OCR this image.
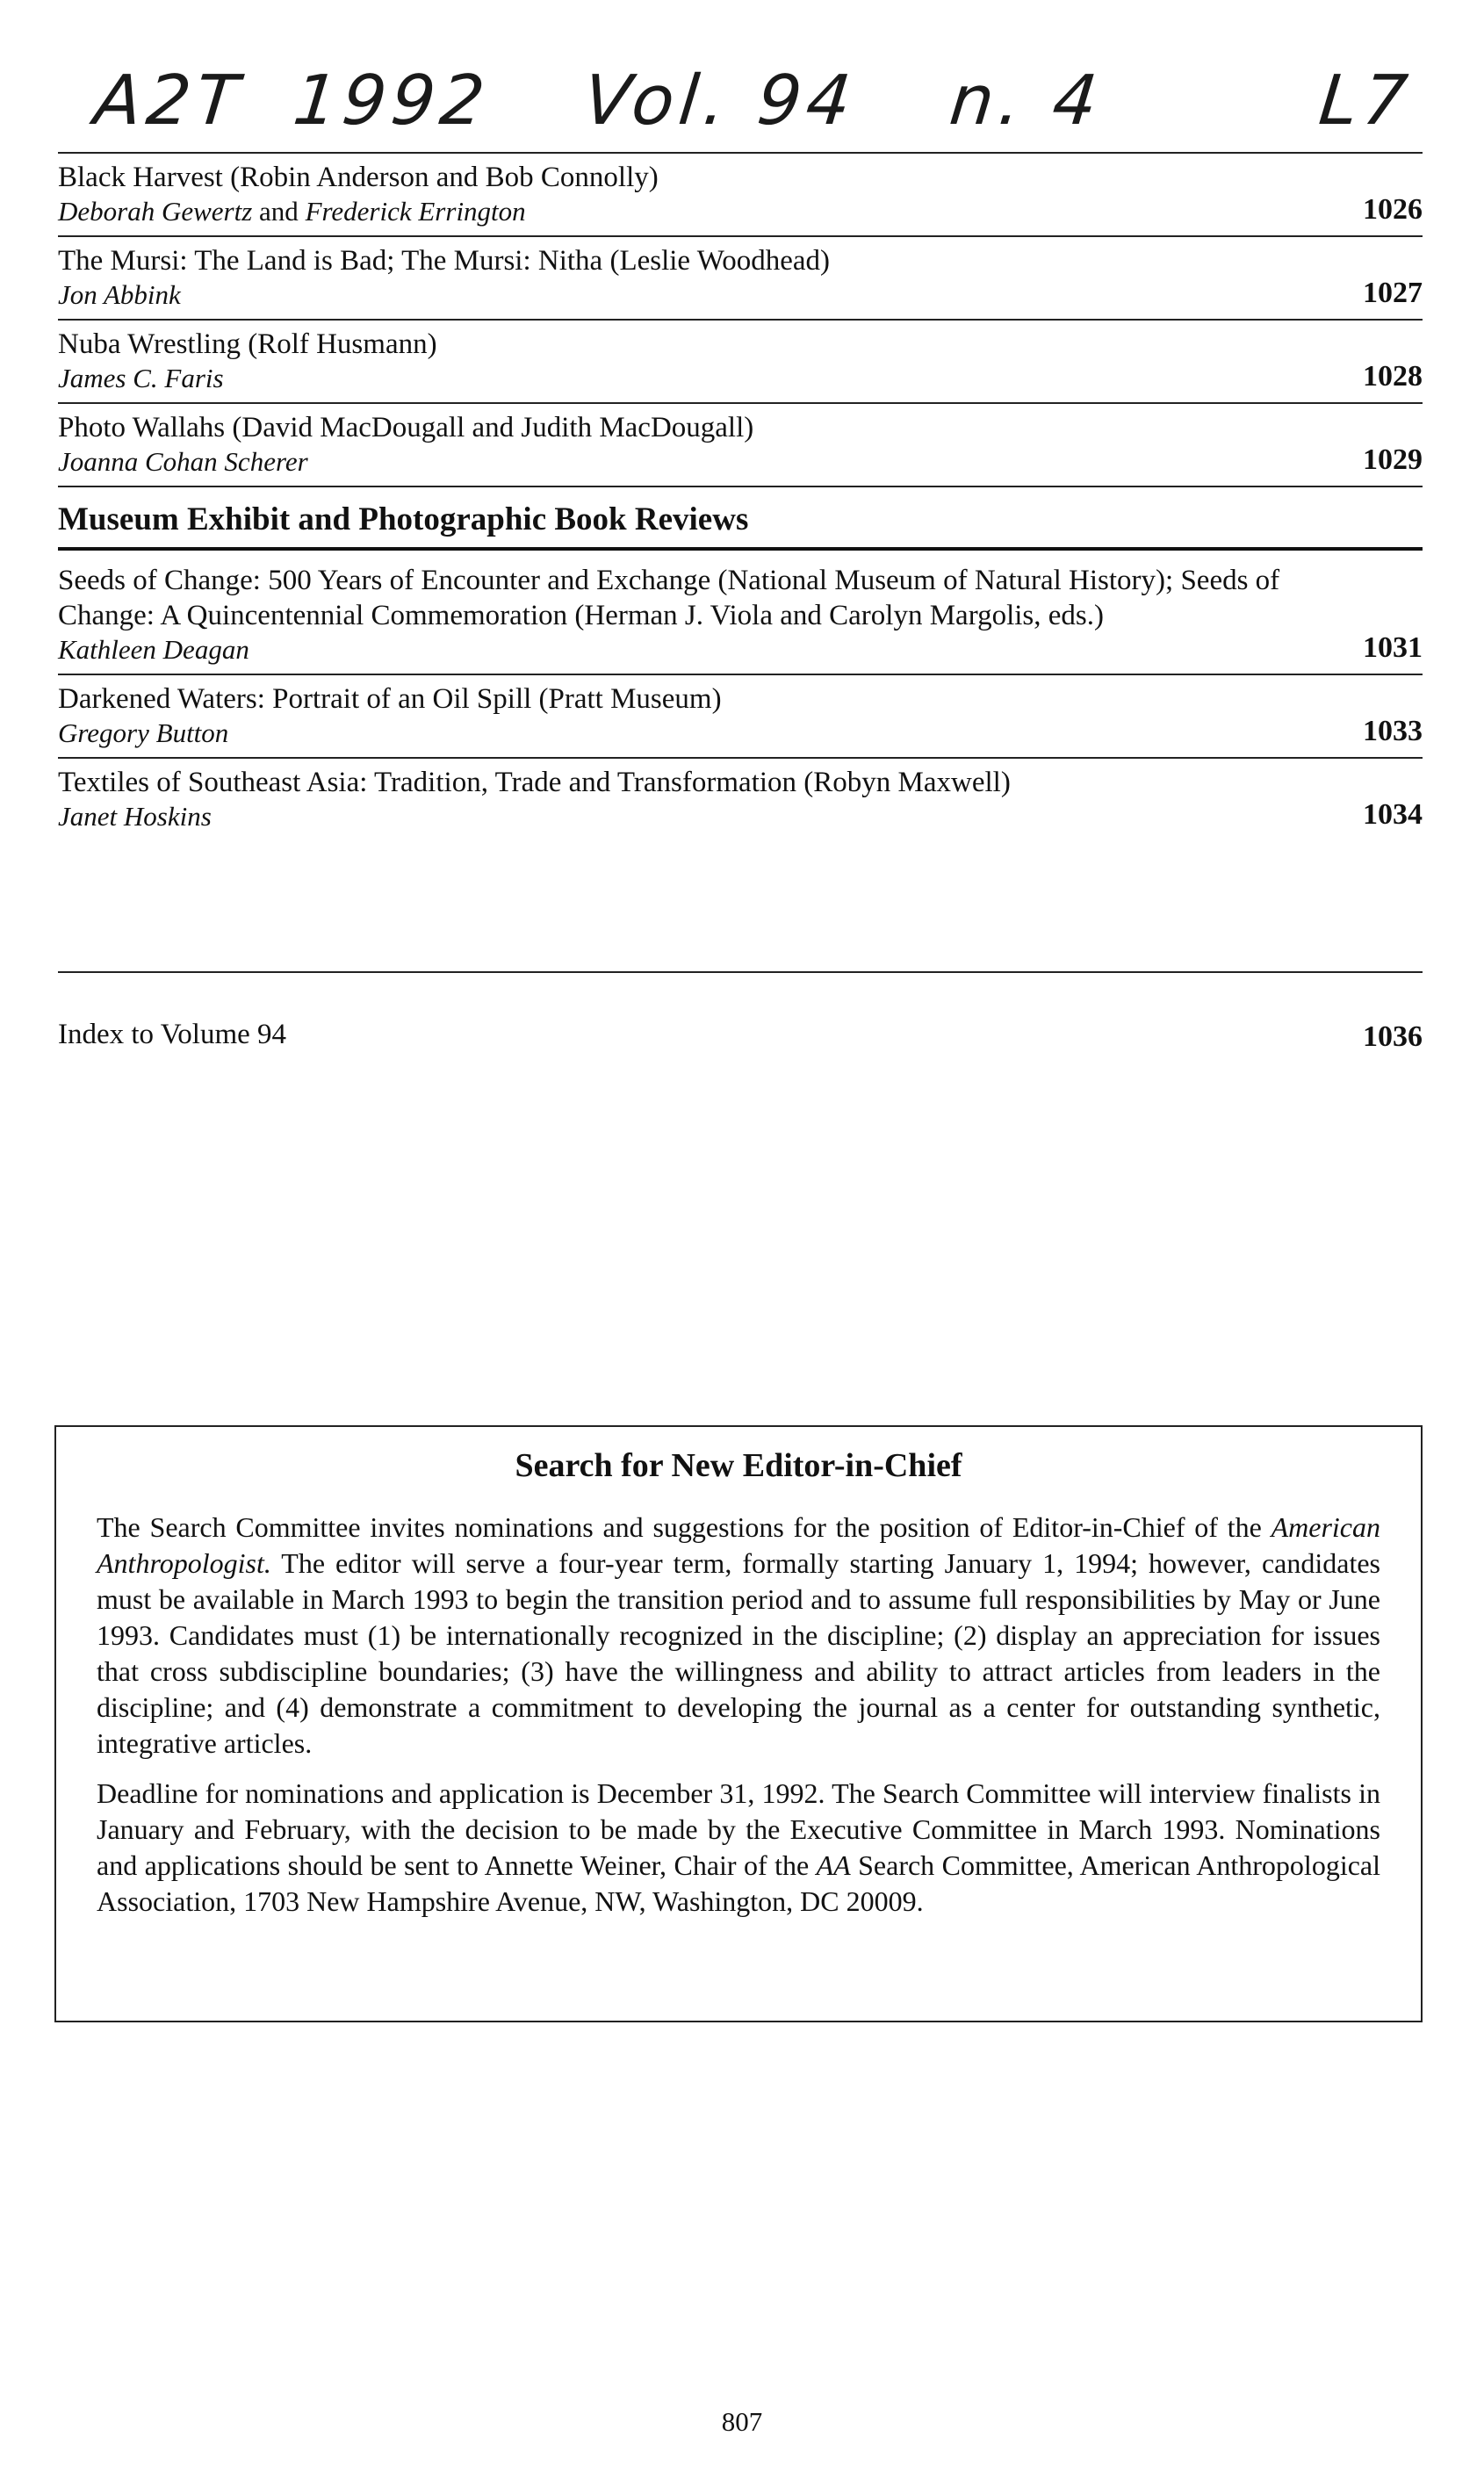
A2T 1992 Vol. 94 n. 4	L7
Black Harvest (Robin Anderson and Bob Connolly)
Deborah Gewertz and Frederick Errington	1026
The Mursi: The Land is Bad; The Mursi: Nitha (Leslie Woodhead)
Jon Abbink	1027
Nuba Wrestling (Rolf Husmann)
James C. Faris	1028
Photo Wallahs (David MacDougall and Judith MacDougall)
Joanna Cohan Scherer	1029
Museum Exhibit and Photographic Book Reviews
Seeds of Change: 500 Years of Encounter and Exchange (National Museum of Natural History); Seeds of Change: A Quincentennial Commemoration (Herman J. Viola and Carolyn Margolis, eds.)
Kathleen Deagan	1031
Darkened Waters: Portrait of an Oil Spill (Pratt Museum)
Gregory Button	1033
Textiles of Southeast Asia: Tradition, Trade and Transformation (Robyn Maxwell)
Janet Hoskins	1034
Index to Volume 94	1036
Search for New Editor-in-Chief

The Search Committee invites nominations and suggestions for the position of Editor-in-Chief of the American Anthropologist. The editor will serve a four-year term, formally starting January 1, 1994; however, candidates must be available in March 1993 to begin the transition period and to assume full responsibilities by May or June 1993. Candidates must (1) be internationally recognized in the discipline; (2) display an appreciation for issues that cross subdiscipline boundaries; (3) have the willingness and ability to attract articles from leaders in the discipline; and (4) demonstrate a commitment to developing the journal as a center for outstanding synthetic, integrative articles.

Deadline for nominations and application is December 31, 1992. The Search Committee will interview finalists in January and February, with the decision to be made by the Executive Committee in March 1993. Nominations and applications should be sent to Annette Weiner, Chair of the AA Search Committee, American Anthropological Association, 1703 New Hampshire Avenue, NW, Washington, DC 20009.

807
